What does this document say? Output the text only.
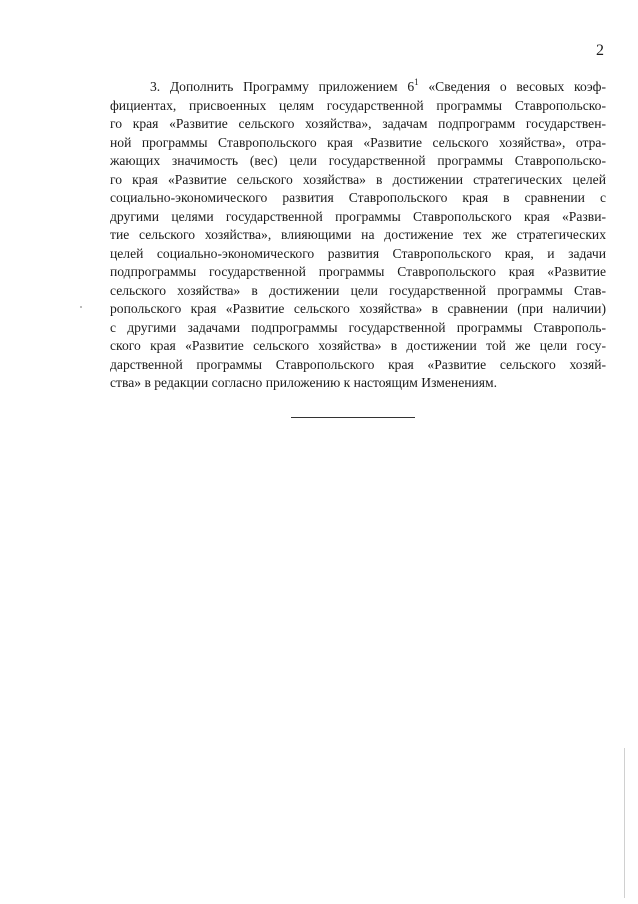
2
3. Дополнить Программу приложением $6^1$ «Сведения о весовых коэф-
фициентах, присвоенных целям государственной программы Ставропольско-
го края «Развитие сельского хозяйства», задачам подпрограмм государствен-
ной программы Ставропольского края «Развитие сельского хозяйства», отра-
жающих значимость (вес) цели государственной программы Ставропольско-
го края «Развитие сельского хозяйства» в достижении стратегических целей
социально-экономического развития Ставропольского края в сравнении с
другими целями государственной программы Ставропольского края «Разви-
тие сельского хозяйства», влияющими на достижение тех же стратегических
целей социально-экономического развития Ставропольского края, и задачи
подпрограммы государственной программы Ставропольского края «Развитие
сельского хозяйства» в достижении цели государственной программы Став-
ропольского края «Развитие сельского хозяйства» в сравнении (при наличии)
с другими задачами подпрограммы государственной программы Ставрополь-
ского края «Развитие сельского хозяйства» в достижении той же цели госу-
дарственной программы Ставропольского края «Развитие сельского хозяй-
ства» в редакции согласно приложению к настоящим Изменениям.
